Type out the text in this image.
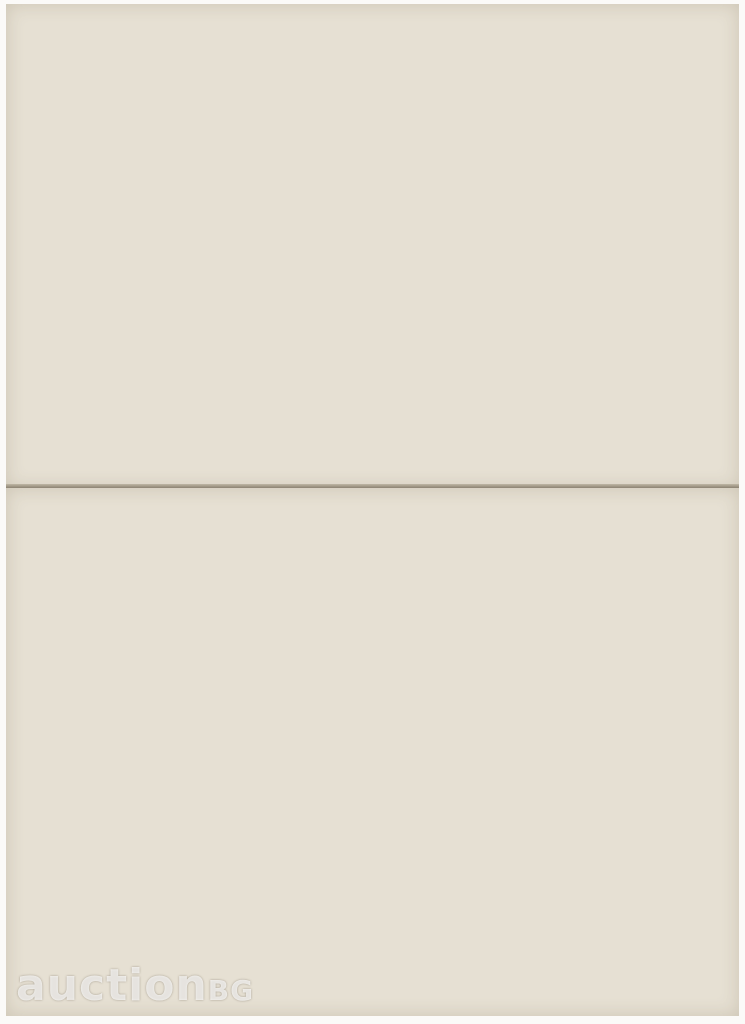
auctionBG
